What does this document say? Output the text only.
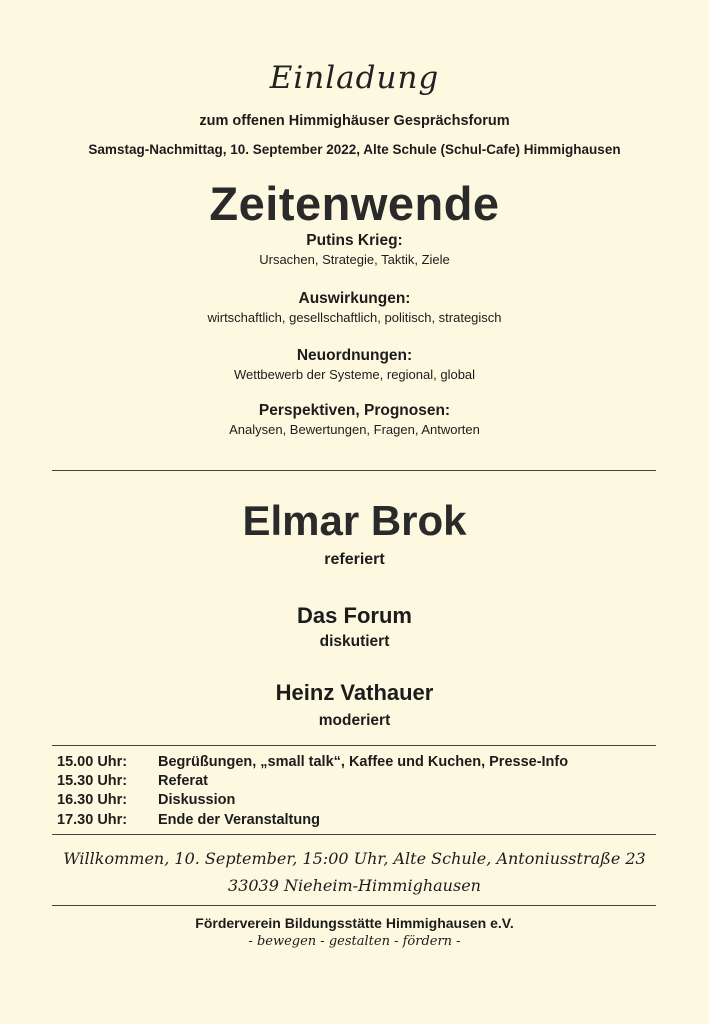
Einladung
zum offenen Himmighäuser Gesprächsforum
Samstag-Nachmittag, 10. September 2022, Alte Schule (Schul-Cafe) Himmighausen
Zeitenwende
Putins Krieg:
Ursachen, Strategie, Taktik, Ziele
Auswirkungen:
wirtschaftlich, gesellschaftlich, politisch, strategisch
Neuordnungen:
Wettbewerb der Systeme, regional, global
Perspektiven, Prognosen:
Analysen, Bewertungen, Fragen, Antworten
Elmar Brok
referiert
Das Forum
diskutiert
Heinz Vathauer
moderiert
15.00 Uhr:	Begrüßungen, „small talk“, Kaffee und Kuchen, Presse-Info
15.30 Uhr:	Referat
16.30 Uhr:	Diskussion
17.30 Uhr:	Ende der Veranstaltung
Willkommen, 10. September, 15:00 Uhr, Alte Schule, Antoniusstraße 23
33039 Nieheim-Himmighausen
Förderverein Bildungsstätte Himmighausen e.V.
- bewegen - gestalten - fördern -
